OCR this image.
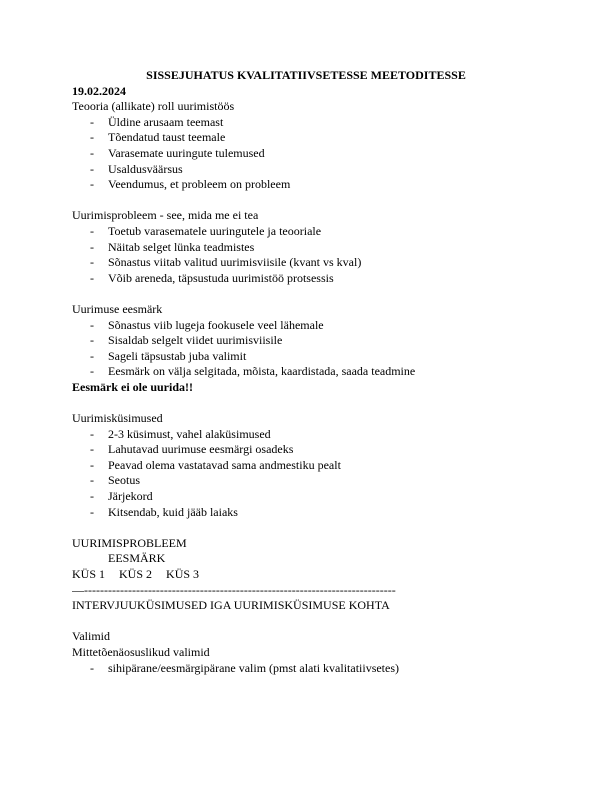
SISSEJUHATUS KVALITATIIVSETESSE MEETODITESSE

19.02.2024

Teooria (allikate) roll uurimistöös

- Üldine arusaam teemast
- Tõendatud taust teemale
- Varasemate uuringute tulemused
- Usaldusväärsus
- Veendumus, et probleem on probleem

Uurimisprobleem - see, mida me ei tea

- Toetub varasematele uuringutele ja teooriale
- Näitab selget lünka teadmistes
- Sõnastus viitab valitud uurimisviisile (kvant vs kval)
- Võib areneda, täpsustuda uurimistöö protsessis

Uurimuse eesmärk

- Sõnastus viib lugeja fookusele veel lähemale
- Sisaldab selgelt viidet uurimisviisile
- Sageli täpsustab juba valimit
- Eesmärk on välja selgitada, mõista, kaardistada, saada teadmine

Eesmärk ei ole uurida!!

Uurimisküsimused

- 2-3 küsimust, vahel alaküsimused
- Lahutavad uurimuse eesmärgi osadeks
- Peavad olema vastatavad sama andmestiku pealt
- Seotus
- Järjekord
- Kitsendab, kuid jääb laiaks

UURIMISPROBLEEM

EESMÄRK

KÜS 1 KÜS 2 KÜS 3

—------------------------------------------------------------------------------

INTERVJUUKÜSIMUSED IGA UURIMISKÜSIMUSE KOHTA

Valimid

Mittetõenäosuslikud valimid

- sihipärane/eesmärgipärane valim (pmst alati kvalitatiivsetes)
